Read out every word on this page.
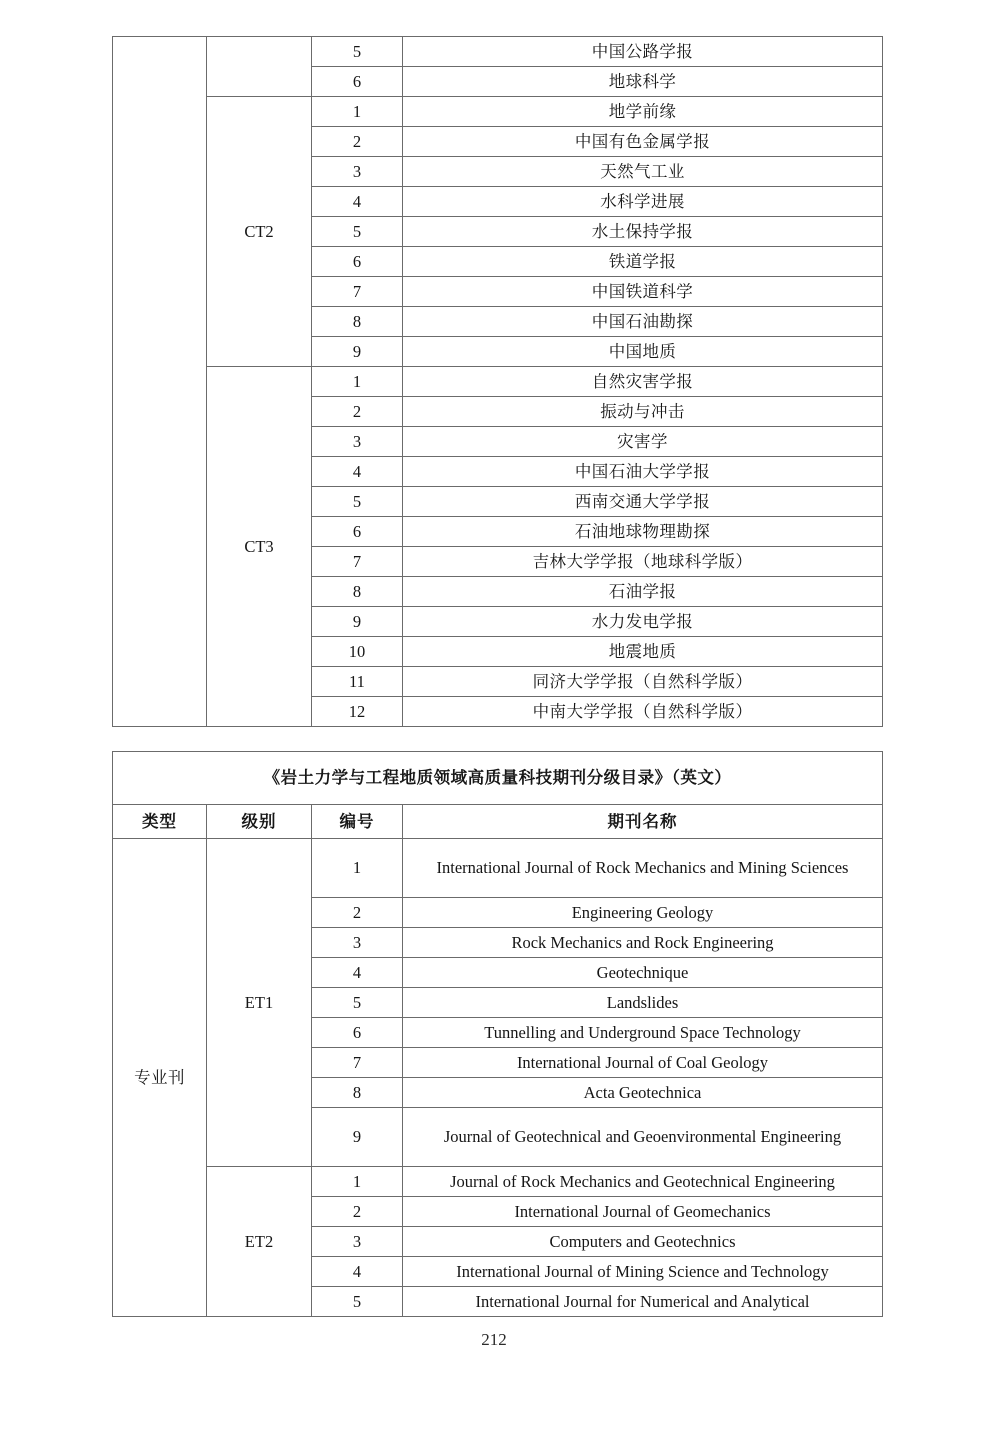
		5	中国公路学报
		6	地球科学
	CT2	1	地学前缘
		2	中国有色金属学报
		3	天然气工业
		4	水科学进展
		5	水土保持学报
		6	铁道学报
		7	中国铁道科学
		8	中国石油勘探
		9	中国地质
	CT3	1	自然灾害学报
		2	振动与冲击
		3	灾害学
		4	中国石油大学学报
		5	西南交通大学学报
		6	石油地球物理勘探
		7	吉林大学学报（地球科学版）
		8	石油学报
		9	水力发电学报
		10	地震地质
		11	同济大学学报（自然科学版）
		12	中南大学学报（自然科学版）
《岩土力学与工程地质领域高质量科技期刊分级目录》（英文）			
类型	级别	编号	期刊名称
专业刊	ET1	1	International Journal of Rock Mechanics and Mining Sciences
		2	Engineering Geology
		3	Rock Mechanics and Rock Engineering
		4	Geotechnique
		5	Landslides
		6	Tunnelling and Underground Space Technology
		7	International Journal of Coal Geology
		8	Acta Geotechnica
		9	Journal of Geotechnical and Geoenvironmental Engineering
	ET2	1	Journal of Rock Mechanics and Geotechnical Engineering
		2	International Journal of Geomechanics
		3	Computers and Geotechnics
		4	International Journal of Mining Science and Technology
		5	International Journal for Numerical and Analytical
212
